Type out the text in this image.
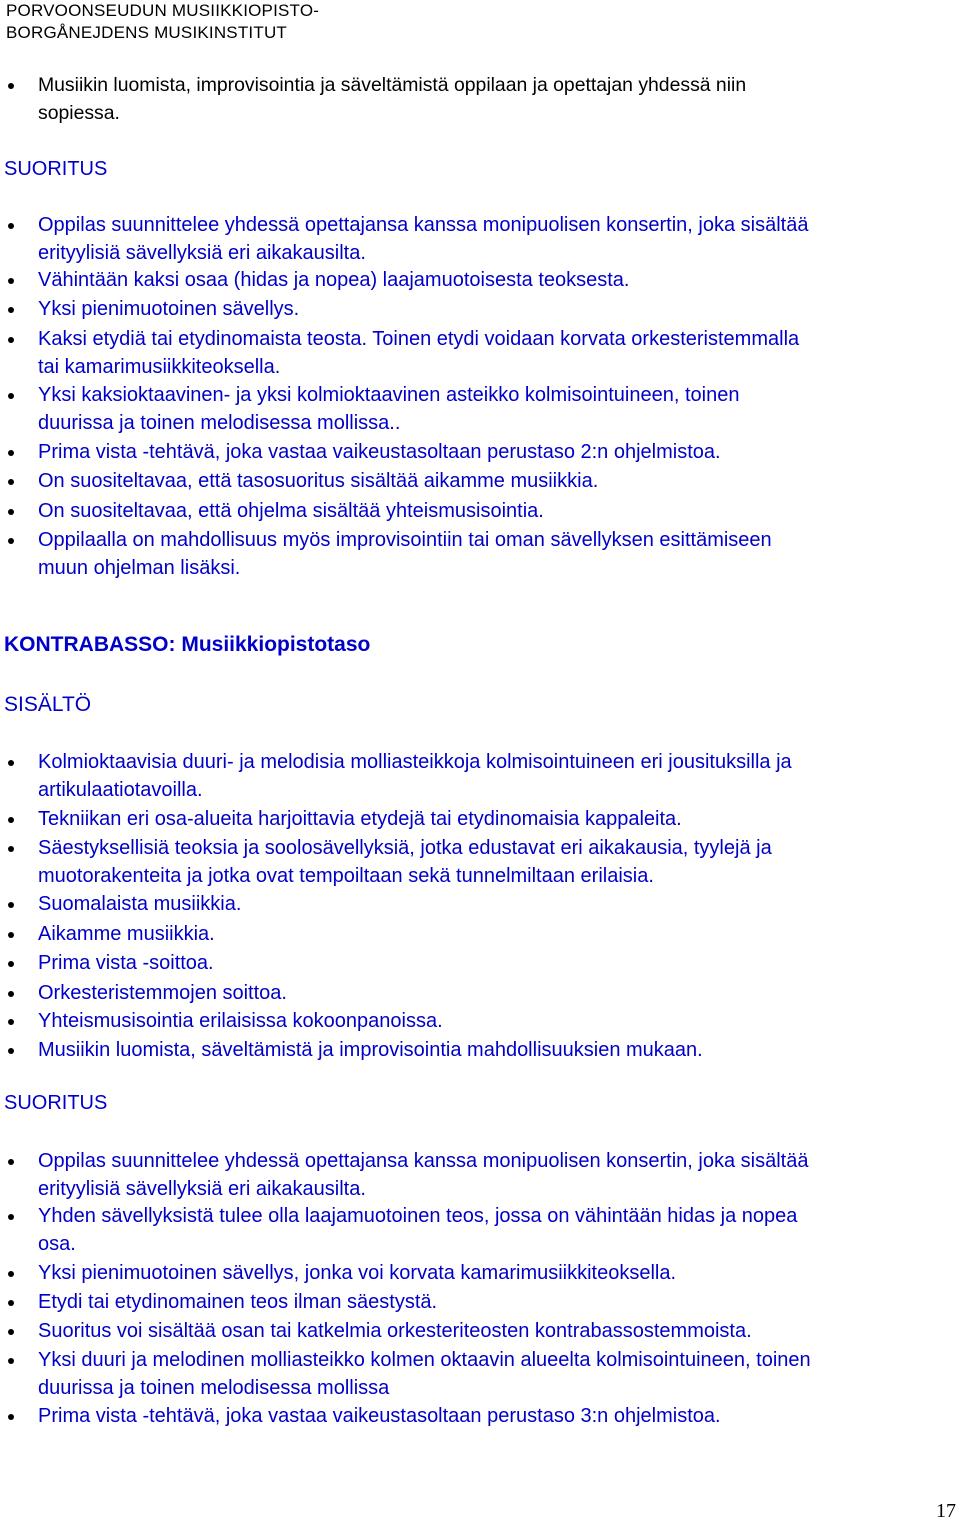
PORVOONSEUDUN MUSIIKKIOPISTO-
BORGÅNEJDENS MUSIKINSTITUT
Musiikin luomista, improvisointia ja säveltämistä oppilaan ja opettajan yhdessä niin
sopiessa.
SUORITUS
Oppilas suunnittelee yhdessä opettajansa kanssa monipuolisen konsertin, joka sisältää
erityylisiä sävellyksiä eri aikakausilta.
Vähintään kaksi osaa (hidas ja nopea) laajamuotoisesta teoksesta.
Yksi pienimuotoinen sävellys.
Kaksi etydiä tai etydinomaista teosta. Toinen etydi voidaan korvata orkesteristemmalla
tai kamarimusiikkiteoksella.
Yksi kaksioktaavinen- ja yksi kolmioktaavinen asteikko kolmisointuineen, toinen
duurissa ja toinen melodisessa mollissa..
Prima vista -tehtävä, joka vastaa vaikeustasoltaan perustaso 2:n ohjelmistoa.
On suositeltavaa, että tasosuoritus sisältää aikamme musiikkia.
On suositeltavaa, että ohjelma sisältää yhteismusisointia.
Oppilaalla on mahdollisuus myös improvisointiin tai oman sävellyksen esittämiseen
muun ohjelman lisäksi.
KONTRABASSO: Musiikkiopistotaso
SISÄLTÖ
Kolmioktaavisia duuri- ja melodisia molliasteikkoja kolmisointuineen eri jousituksilla ja
artikulaatiotavoilla.
Tekniikan eri osa-alueita harjoittavia etydejä tai etydinomaisia kappaleita.
Säestyksellisiä teoksia ja soolosävellyksiä, jotka edustavat eri aikakausia, tyylejä ja
muotorakenteita ja jotka ovat tempoiltaan sekä tunnelmiltaan erilaisia.
Suomalaista musiikkia.
Aikamme musiikkia.
Prima vista -soittoa.
Orkesteristemmojen soittoa.
Yhteismusisointia erilaisissa kokoonpanoissa.
Musiikin luomista, säveltämistä ja improvisointia mahdollisuuksien mukaan.
SUORITUS
Oppilas suunnittelee yhdessä opettajansa kanssa monipuolisen konsertin, joka sisältää
erityylisiä sävellyksiä eri aikakausilta.
Yhden sävellyksistä tulee olla laajamuotoinen teos, jossa on vähintään hidas ja nopea
osa.
Yksi pienimuotoinen sävellys, jonka voi korvata kamarimusiikkiteoksella.
Etydi tai etydinomainen teos ilman säestystä.
Suoritus voi sisältää osan tai katkelmia orkesteriteosten kontrabassostemmoista.
Yksi duuri ja melodinen molliasteikko kolmen oktaavin alueelta kolmisointuineen, toinen
duurissa ja toinen melodisessa mollissa
Prima vista -tehtävä, joka vastaa vaikeustasoltaan perustaso 3:n ohjelmistoa.
17
